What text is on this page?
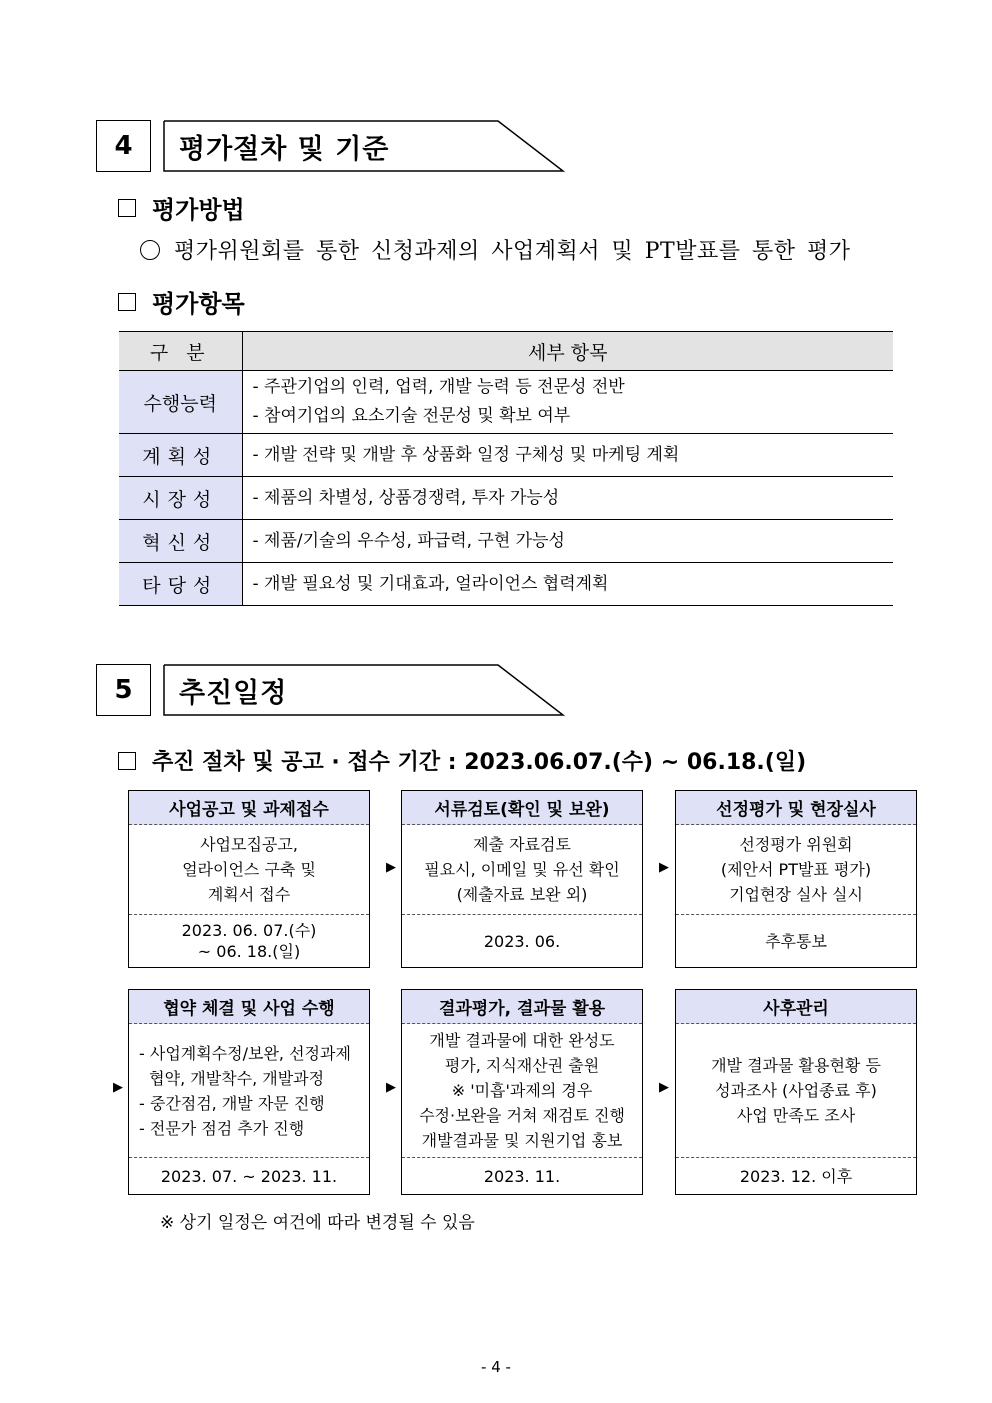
4	평가절차 및 기준
평가방법
평가위원회를 통한 신청과제의 사업계획서 및 PT발표를 통한 평가
평가항목
구 분	세부 항목
수행능력	- 주관기업의 인력, 업력, 개발 능력 등 전문성 전반
- 참여기업의 요소기술 전문성 및 확보 여부

계획성	- 개발 전략 및 개발 후 상품화 일정 구체성 및 마케팅 계획

시장성	- 제품의 차별성, 상품경쟁력, 투자 가능성

혁신성	- 제품/기술의 우수성, 파급력, 구현 가능성

타당성	- 개발 필요성 및 기대효과, 얼라이언스 협력계획
5	추진일정
추진 절차 및 공고 · 접수 기간 : 2023.06.07.(수) ~ 06.18.(일)
사업공고 및 과제접수
사업모집공고,
얼라이언스 구축 및
계획서 접수
2023. 06. 07.(수)
~ 06. 18.(일)
▶
서류검토(확인 및 보완)
제출 자료검토
필요시, 이메일 및 유선 확인
(제출자료 보완 외)
2023. 06.
▶
선정평가 및 현장실사
선정평가 위원회
(제안서 PT발표 평가)
기업현장 실사 실시
추후통보
▶
협약 체결 및 사업 수행
- 사업계획수정/보완, 선정과제
협약, 개발착수, 개발과정
- 중간점검, 개발 자문 진행
- 전문가 점검 추가 진행
2023. 07. ~ 2023. 11.
▶
결과평가, 결과물 활용
개발 결과물에 대한 완성도
평가, 지식재산권 출원
※ '미흡'과제의 경우
수정·보완을 거쳐 재검토 진행
개발결과물 및 지원기업 홍보
2023. 11.
▶
사후관리
개발 결과물 활용현황 등
성과조사 (사업종료 후)
사업 만족도 조사
2023. 12. 이후
※ 상기 일정은 여건에 따라 변경될 수 있음
- 4 -
